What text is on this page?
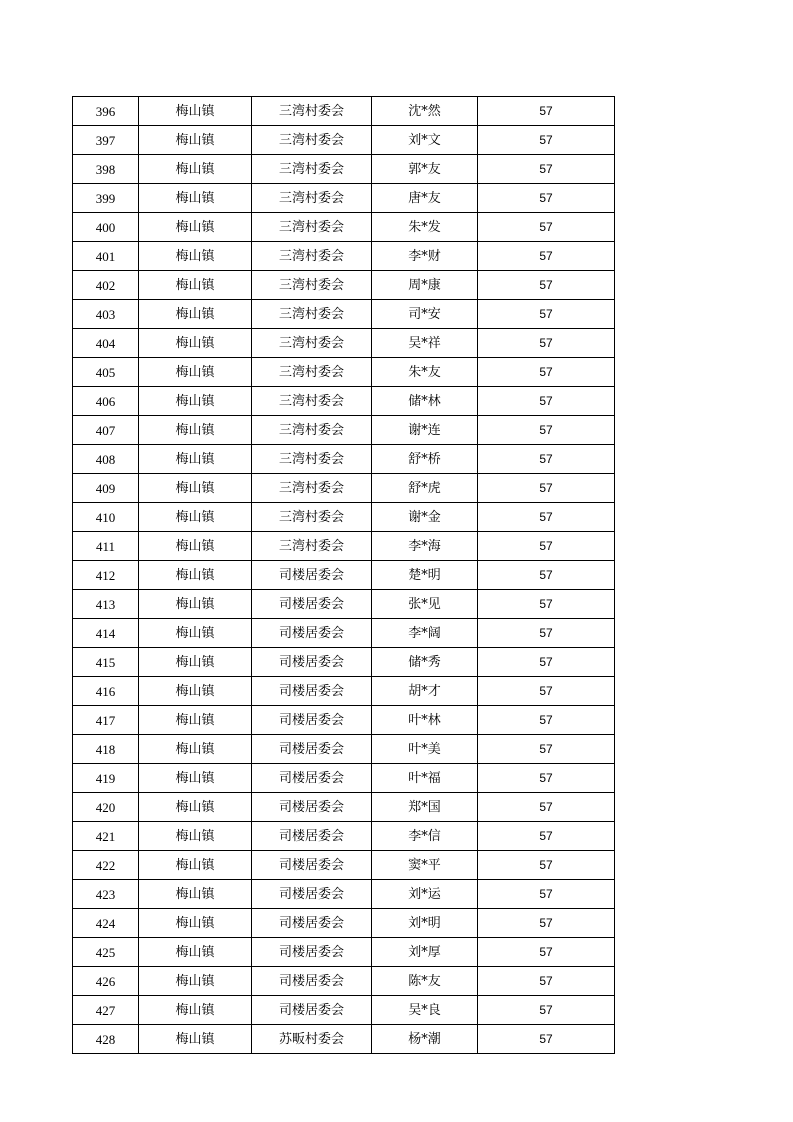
396	梅山镇	三湾村委会	沈*然	57
397	梅山镇	三湾村委会	刘*文	57
398	梅山镇	三湾村委会	郭*友	57
399	梅山镇	三湾村委会	唐*友	57
400	梅山镇	三湾村委会	朱*发	57
401	梅山镇	三湾村委会	李*财	57
402	梅山镇	三湾村委会	周*康	57
403	梅山镇	三湾村委会	司*安	57
404	梅山镇	三湾村委会	吴*祥	57
405	梅山镇	三湾村委会	朱*友	57
406	梅山镇	三湾村委会	储*林	57
407	梅山镇	三湾村委会	谢*连	57
408	梅山镇	三湾村委会	舒*桥	57
409	梅山镇	三湾村委会	舒*虎	57
410	梅山镇	三湾村委会	谢*金	57
411	梅山镇	三湾村委会	李*海	57
412	梅山镇	司楼居委会	楚*明	57
413	梅山镇	司楼居委会	张*见	57
414	梅山镇	司楼居委会	李*阔	57
415	梅山镇	司楼居委会	储*秀	57
416	梅山镇	司楼居委会	胡*才	57
417	梅山镇	司楼居委会	叶*林	57
418	梅山镇	司楼居委会	叶*美	57
419	梅山镇	司楼居委会	叶*福	57
420	梅山镇	司楼居委会	郑*国	57
421	梅山镇	司楼居委会	李*信	57
422	梅山镇	司楼居委会	窦*平	57
423	梅山镇	司楼居委会	刘*运	57
424	梅山镇	司楼居委会	刘*明	57
425	梅山镇	司楼居委会	刘*厚	57
426	梅山镇	司楼居委会	陈*友	57
427	梅山镇	司楼居委会	吴*良	57
428	梅山镇	苏畈村委会	杨*潮	57
